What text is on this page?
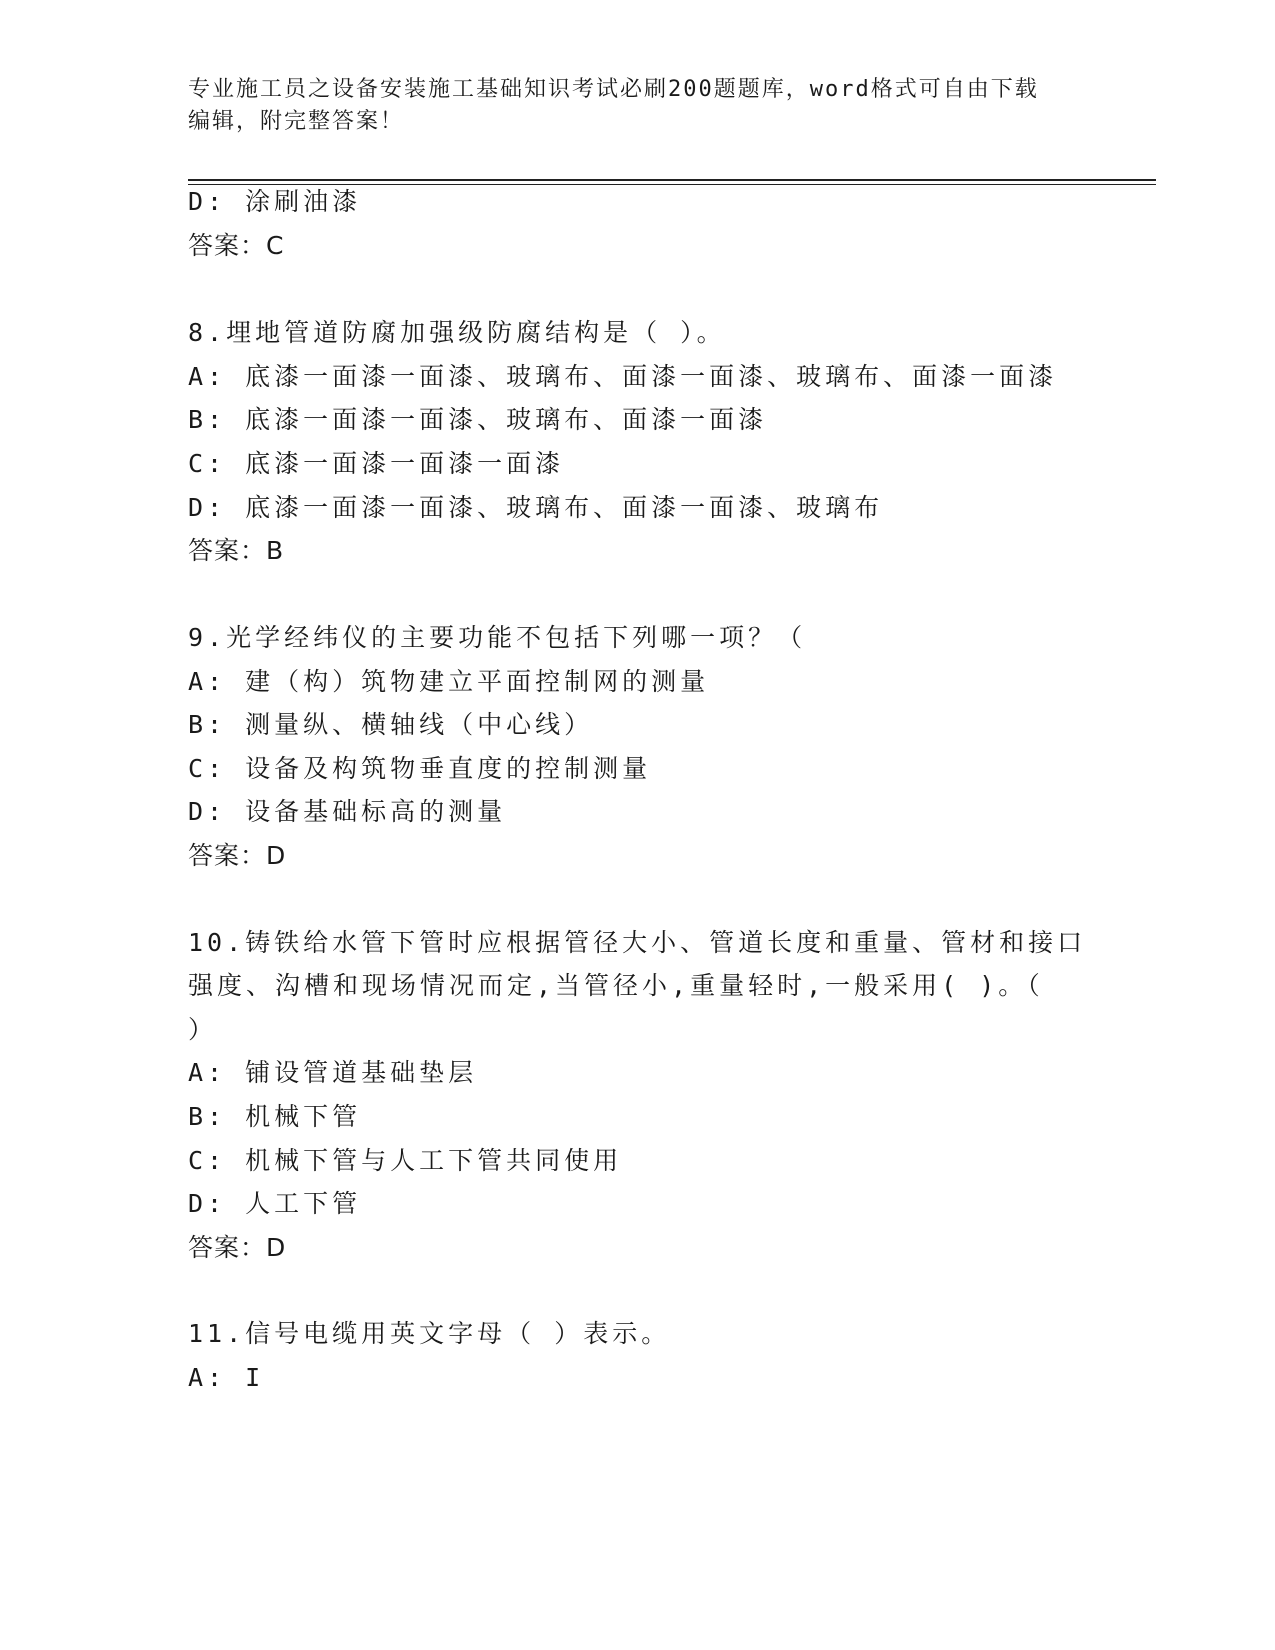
专业施工员之设备安装施工基础知识考试必刷200题题库，word格式可自由下载
编辑，附完整答案！
D: 涂刷油漆
答案：C
8.埋地管道防腐加强级防腐结构是（ ）。
A: 底漆一面漆一面漆、玻璃布、面漆一面漆、玻璃布、面漆一面漆
B: 底漆一面漆一面漆、玻璃布、面漆一面漆
C: 底漆一面漆一面漆一面漆
D: 底漆一面漆一面漆、玻璃布、面漆一面漆、玻璃布
答案：B
9.光学经纬仪的主要功能不包括下列哪一项？（
A: 建（构）筑物建立平面控制网的测量
B: 测量纵、横轴线（中心线）
C: 设备及构筑物垂直度的控制测量
D: 设备基础标高的测量
答案：D
10.铸铁给水管下管时应根据管径大小、管道长度和重量、管材和接口
强度、沟槽和现场情况而定,当管径小,重量轻时,一般采用( )。（
）
A: 铺设管道基础垫层
B: 机械下管
C: 机械下管与人工下管共同使用
D: 人工下管
答案：D
11.信号电缆用英文字母（ ）表示。
A: I
